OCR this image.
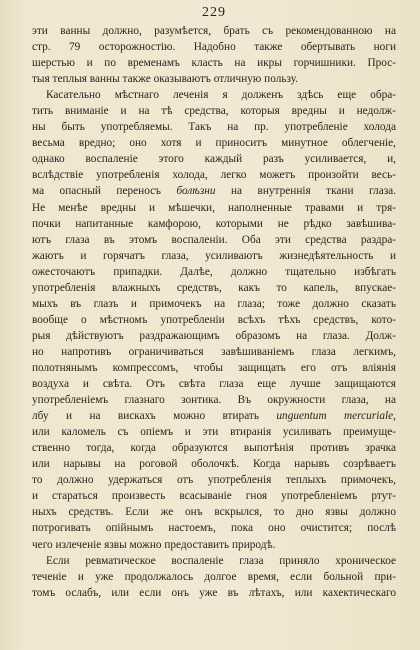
229
эти ванны должно, разумѣется, брать съ рекомендованною на
стр. 79 осторожностію. Надобно также обертывать ноги
шерстью и по временамъ класть на икры горчишники. Прос-
тыя теплыя ванны также оказываютъ отличную пользу.
Касательно мѣстнаго леченія я долженъ здѣсь еще обра-
тить вниманіе и на тѣ средства, которыя вредны и недолж-
ны быть употребляемы. Такъ на пр. употребленіе холода
весьма вредно; оно хотя и приноситъ минутное облегченіе,
однако воспаленіе этого каждый разъ усиливается, и,
вслѣдствіе употребленія холода, легко можетъ произойти весь-
ма опасный переносъ болѣзни на внутреннія ткани глаза.
Не менѣе вредны и мѣшечки, наполненные травами и тря-
почки напитанные камфорою, которыми не рѣдко завѣшива-
ютъ глаза въ этомъ воспаленіи. Оба эти средства раздра-
жаютъ и горячатъ глаза, усиливаютъ жизнедѣятельность и
ожесточаютъ припадки. Далѣе, должно тщательно избѣгать
употребленія влажныхъ средствъ, какъ то капель, впускае-
мыхъ въ глазъ и примочекъ на глаза; тоже должно сказать
вообще о мѣстномъ употребленіи всѣхъ тѣхъ средствъ, кото-
рыя дѣйствуютъ раздражающимъ образомъ на глаза. Долж-
но напротивъ ограничиваться завѣшиваніемъ глаза легкимъ,
полотнянымъ компрессомъ, чтобы защищать его отъ вліянія
воздуха и свѣта. Отъ свѣта глаза еще лучше защищаются
употребленіемъ глазнаго зонтика. Въ окружности глаза, на
лбу и на вискахъ можно втирать unguentum mercuriale,
или каломель съ опіемъ и эти втиранія усиливать преимуще-
ственно тогда, когда образуются выпотѣнія противъ зрачка
или нарывы на роговой оболочкѣ. Когда нарывъ созрѣваетъ
то должно удержаться отъ употребленія теплыхъ примочекъ,
и стараться произвесть всасываніе гноя употребленіемъ ртут-
ныхъ средствъ. Если же онъ вскрылся, то дно язвы должно
потрогивать опійнымъ настоемъ, пока оно очистится; послѣ
чего излеченіе язвы можно предоставить природѣ.
Если ревматическое воспаленіе глаза приняло хроническое
теченіе и уже продолжалось долгое время, если больной при-
томъ ослабъ, или если онъ уже въ лѣтахъ, или кахектическаго
